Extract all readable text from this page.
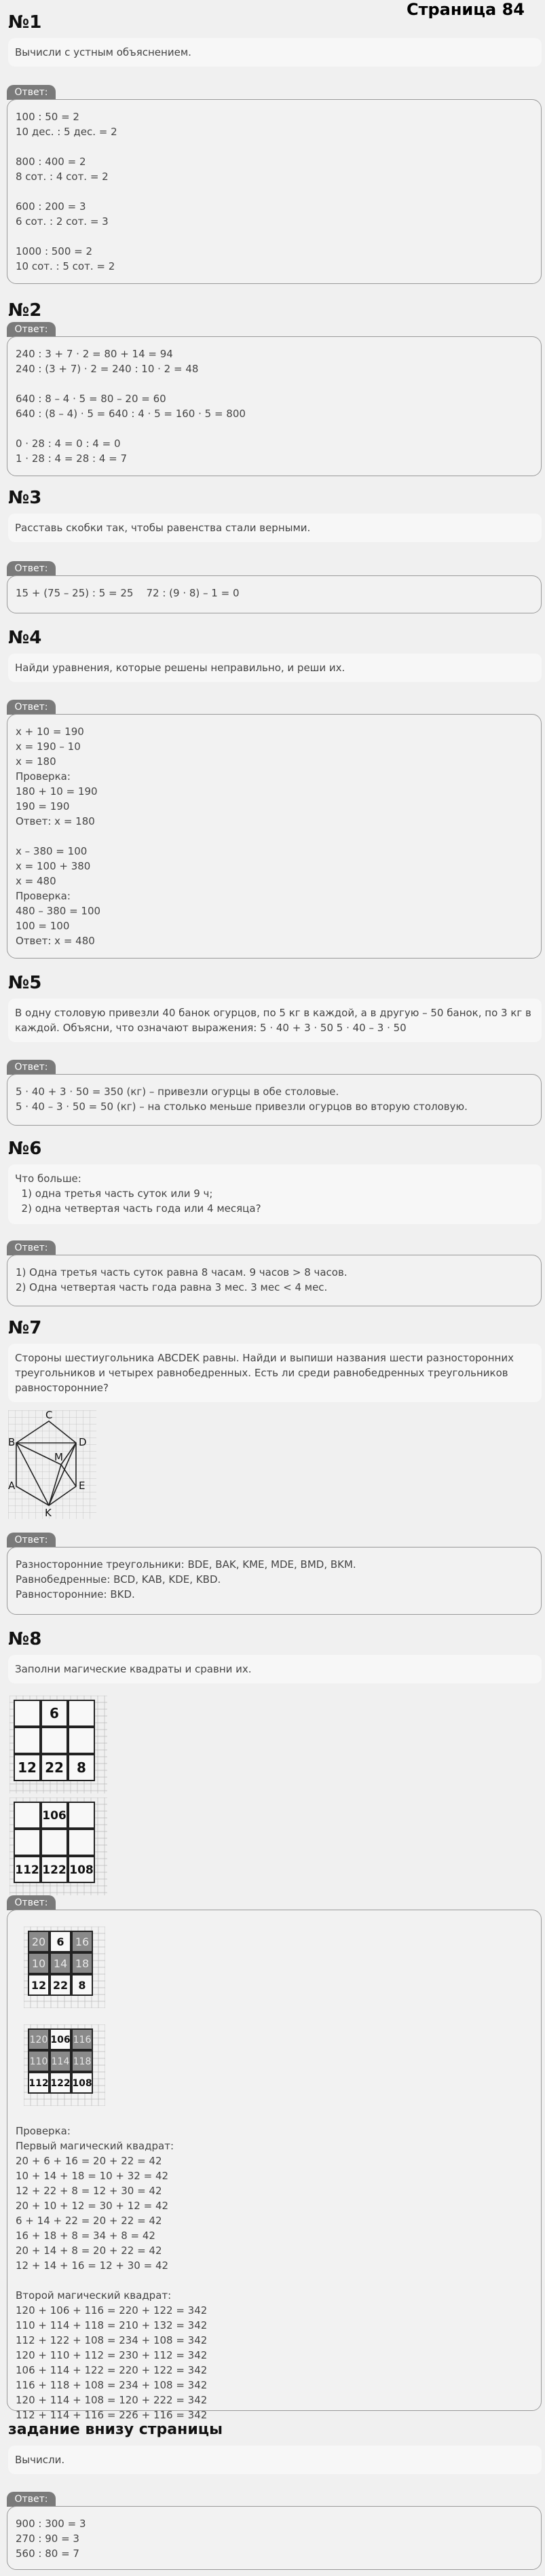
Страница 84
№1
Вычисли с устным объяснением.
Ответ:
100 : 50 = 2
10 дес. : 5 дес. = 2
800 : 400 = 2
8 сот. : 4 сот. = 2
600 : 200 = 3
6 сот. : 2 сот. = 3
1000 : 500 = 2
10 сот. : 5 сот. = 2
№2
Ответ:
240 : 3 + 7 · 2 = 80 + 14 = 94
240 : (3 + 7) · 2 = 240 : 10 · 2 = 48
640 : 8 – 4 · 5 = 80 – 20 = 60
640 : (8 – 4) · 5 = 640 : 4 · 5 = 160 · 5 = 800
0 · 28 : 4 = 0 : 4 = 0
1 · 28 : 4 = 28 : 4 = 7
№3
Расставь скобки так, чтобы равенства стали верными.
Ответ:
15 + (75 – 25) : 5 = 25    72 : (9 · 8) – 1 = 0
№4
Найди уравнения, которые решены неправильно, и реши их.
Ответ:
x + 10 = 190
x = 190 – 10
x = 180
Проверка:
180 + 10 = 190
190 = 190
Ответ: x = 180
x – 380 = 100
x = 100 + 380
x = 480
Проверка:
480 – 380 = 100
100 = 100
Ответ: x = 480
№5
В одну столовую привезли 40 банок огурцов, по 5 кг в каждой, а в другую – 50 банок, по 3 кг в каждой. Объясни, что означают выражения: 5 · 40 + 3 · 50 5 · 40 – 3 · 50
Ответ:
5 · 40 + 3 · 50 = 350 (кг) – привезли огурцы в обе столовые.
5 · 40 – 3 · 50 = 50 (кг) – на столько меньше привезли огурцов во вторую столовую.
№6
Что больше:
1) одна третья часть суток или 9 ч;
2) одна четвертая часть года или 4 месяца?
Ответ:
1) Одна третья часть суток равна 8 часам. 9 часов > 8 часов.
2) Одна четвертая часть года равна 3 мес. 3 мес < 4 мес.
№7
Стороны шестиугольника ABCDEK равны. Найди и выпиши названия шести разносторонних треугольников и четырех равнобедренных. Есть ли среди равнобедренных треугольников равносторонние?
C
B
M
D
A	E
K
Ответ:
Разносторонние треугольники: BDE, BAK, KME, MDE, BMD, BKM.
Равнобедренные: BCD, KAB, KDE, KBD.
Равносторонние: BKD.
№8
Заполни магические квадраты и сравни их.
6
12 22 8
106
112 122 108
Ответ:
20 6 16
10 14 18
12 22 8
120 106 116
110 114 118
112 122 108
Проверка:
Первый магический квадрат:
20 + 6 + 16 = 20 + 22 = 42
10 + 14 + 18 = 10 + 32 = 42
12 + 22 + 8 = 12 + 30 = 42
20 + 10 + 12 = 30 + 12 = 42
6 + 14 + 22 = 20 + 22 = 42
16 + 18 + 8 = 34 + 8 = 42
20 + 14 + 8 = 20 + 22 = 42
12 + 14 + 16 = 12 + 30 = 42
Второй магический квадрат:
120 + 106 + 116 = 220 + 122 = 342
110 + 114 + 118 = 210 + 132 = 342
112 + 122 + 108 = 234 + 108 = 342
120 + 110 + 112 = 230 + 112 = 342
106 + 114 + 122 = 220 + 122 = 342
116 + 118 + 108 = 234 + 108 = 342
120 + 114 + 108 = 120 + 222 = 342
112 + 114 + 116 = 226 + 116 = 342
задание внизу страницы
Вычисли.
Ответ:
900 : 300 = 3
270 : 90 = 3
560 : 80 = 7
